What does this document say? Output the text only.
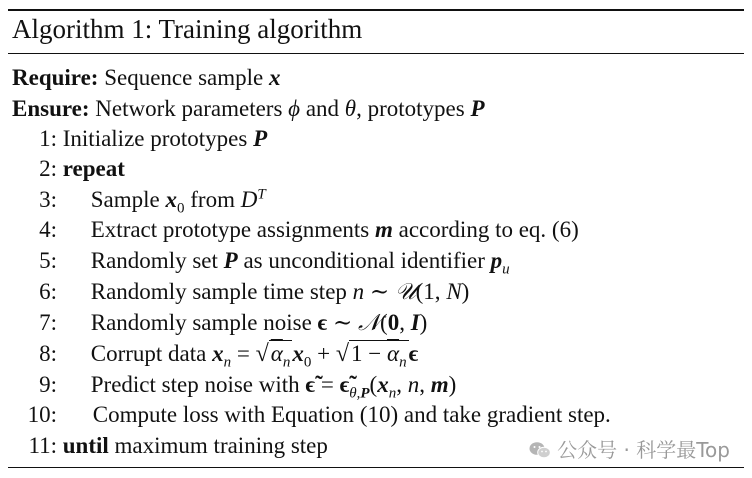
Algorithm 1: Training algorithm
Require: Sequence sample x
Ensure: Network parameters ϕ and θ, prototypes P
1: Initialize prototypes P
2: repeat
3: Sample $x_0$ from $D^T$
4: Extract prototype assignments m according to eq. (6)
5: Randomly set P as unconditional identifier $p_u$
6: Randomly sample time step n ∼ 𝒰(1, N)
7: Randomly sample noise ϵ ∼ 𝒩(0, I)
8: Corrupt data $x_n = √\alpha_nx_0 + √1 - \overline{\alpha}_n\epsilon$
9: Predict step noise with ϵ̃ = $\epsiloñ_{\theta,P}(x_n$, n, m)
10: Compute loss with Equation (10) and take gradient step.
11: until maximum training step	公众号 · 科学最Top
